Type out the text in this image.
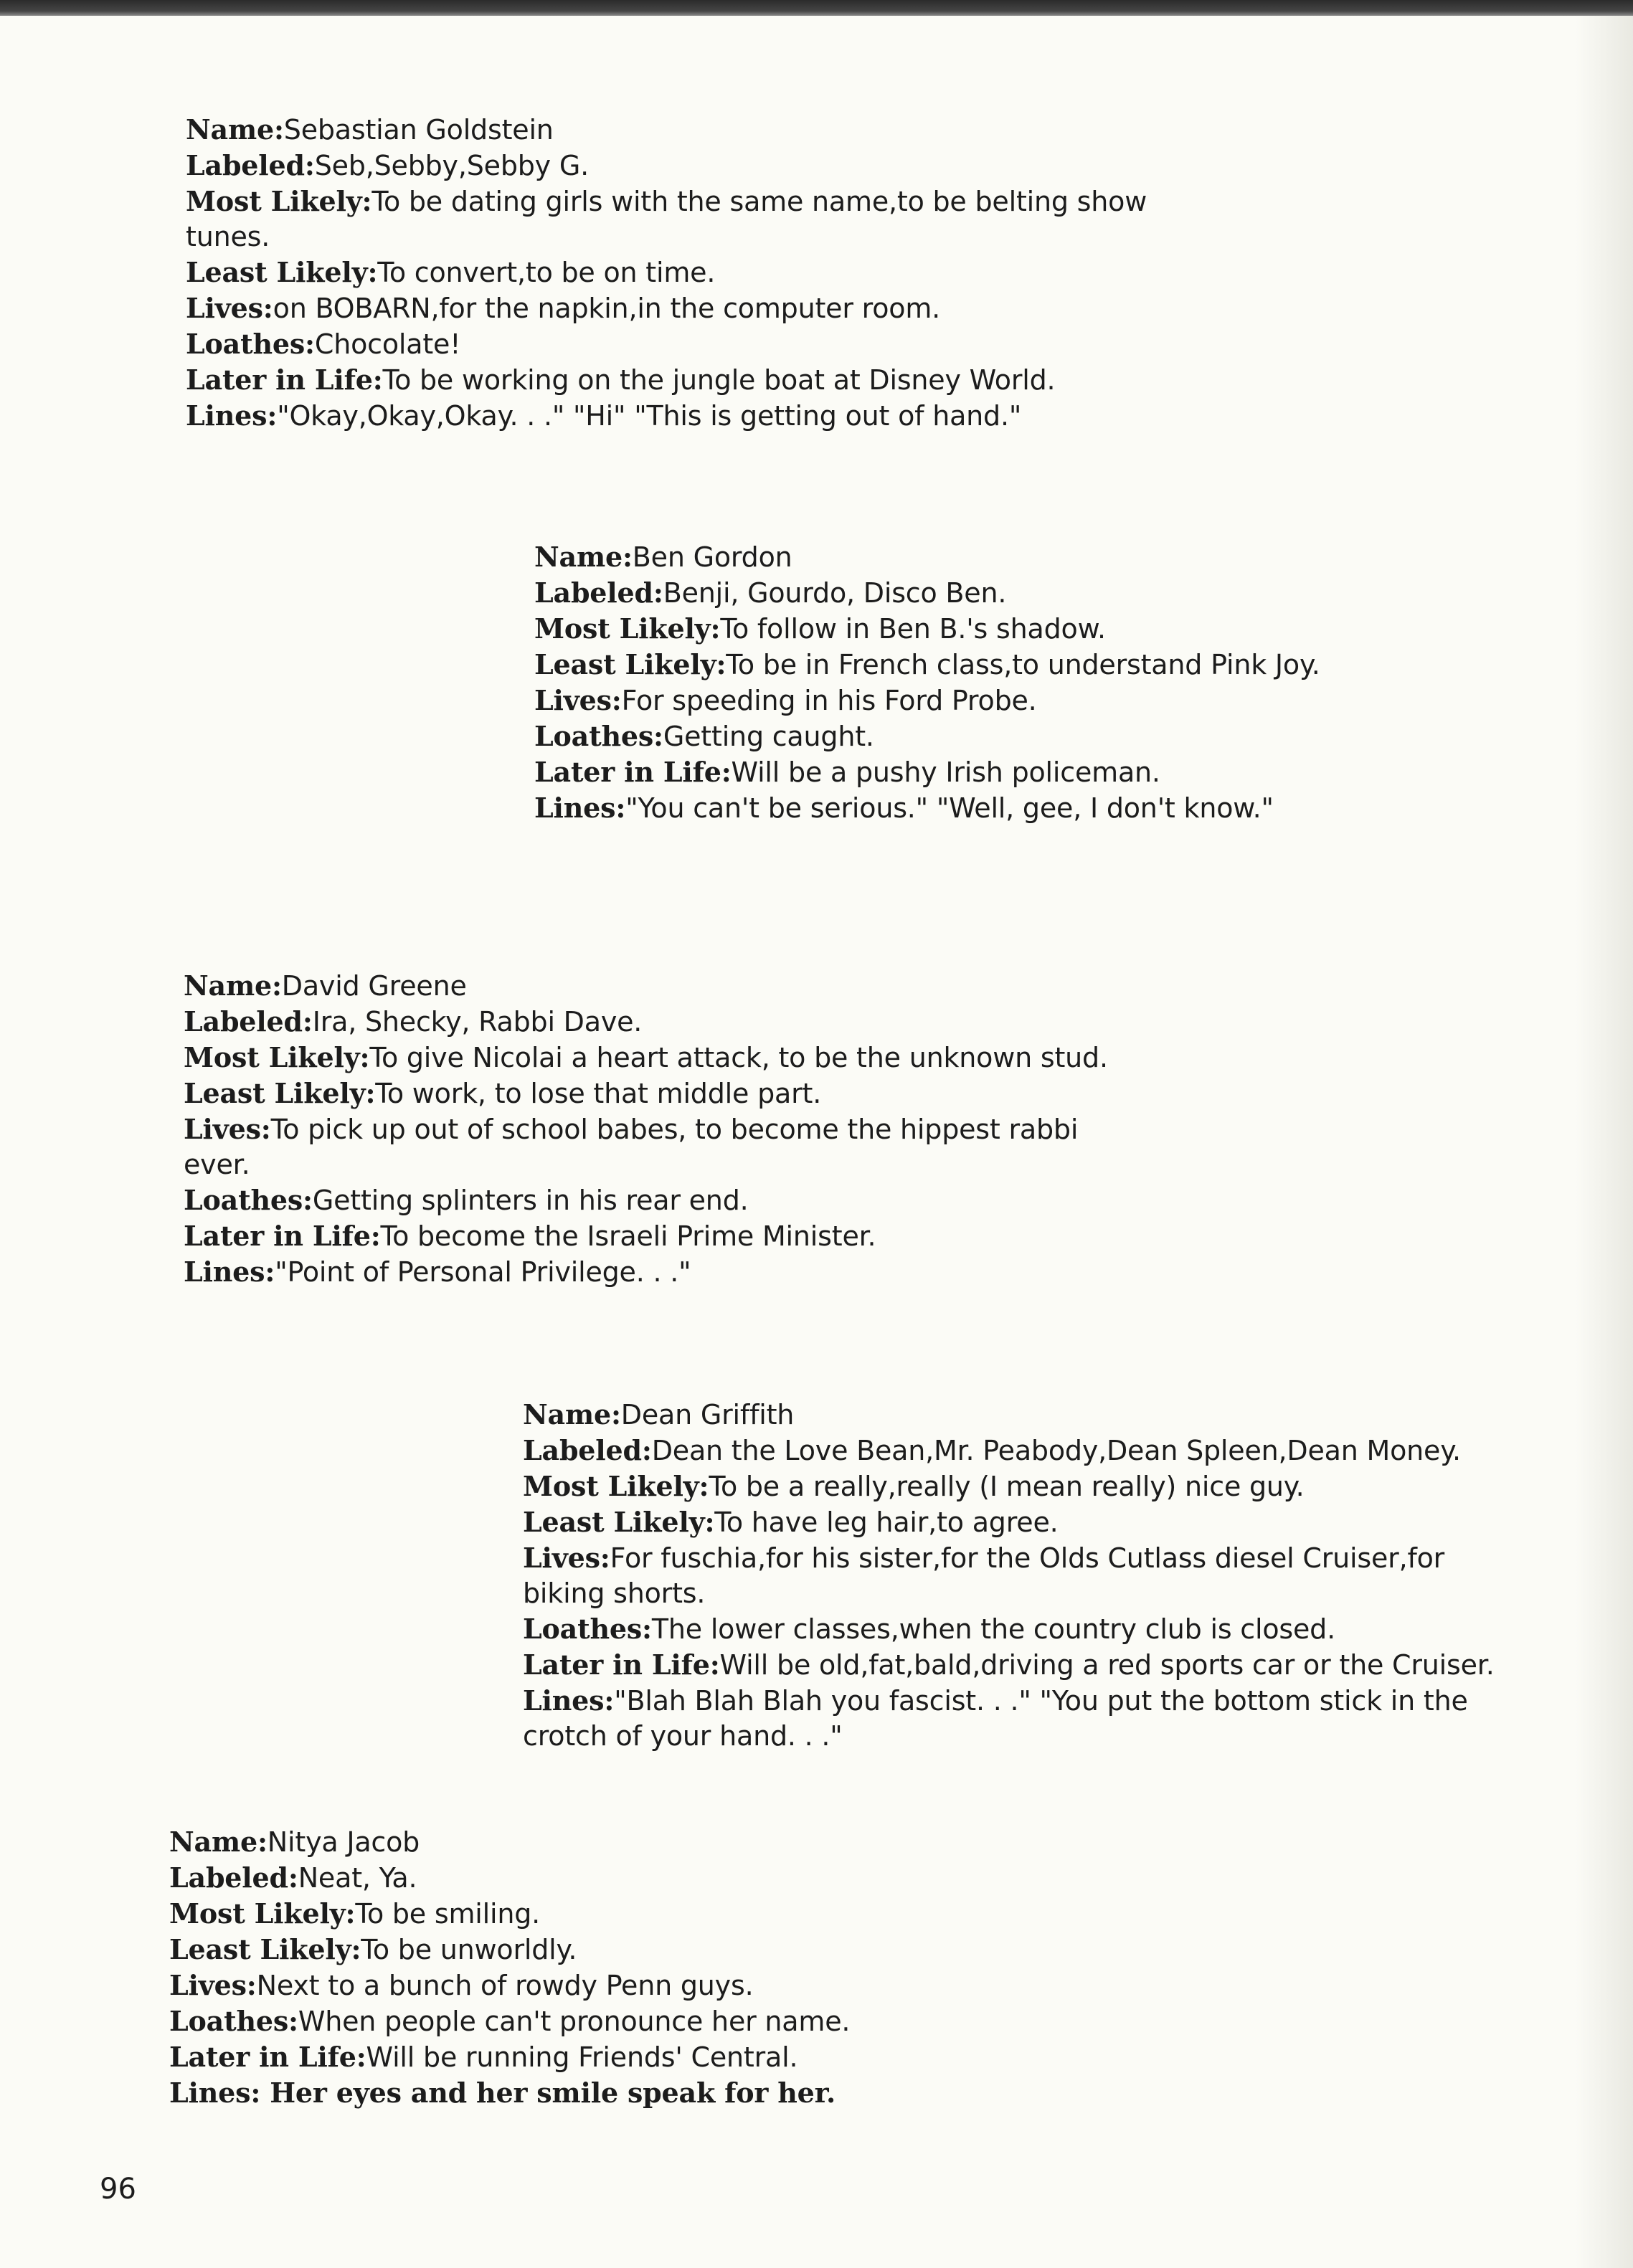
Name:Sebastian Goldstein

Labeled:Seb,Sebby,Sebby G.

Most Likely:To be dating girls with the same name,to be belting show tunes.

Least Likely:To convert,to be on time.

Lives:on BOBARN,for the napkin,in the computer room.

Loathes:Chocolate!

Later in Life:To be working on the jungle boat at Disney World.

Lines:"Okay,Okay,Okay. . ." "Hi" "This is getting out of hand."

Name:Ben Gordon

Labeled:Benji, Gourdo, Disco Ben.

Most Likely:To follow in Ben B.'s shadow.

Least Likely:To be in French class,to understand Pink Joy.

Lives:For speeding in his Ford Probe.

Loathes:Getting caught.

Later in Life:Will be a pushy Irish policeman.

Lines:"You can't be serious." "Well, gee, I don't know."

Name:David Greene

Labeled:Ira, Shecky, Rabbi Dave.

Most Likely:To give Nicolai a heart attack, to be the unknown stud.

Least Likely:To work, to lose that middle part.

Lives:To pick up out of school babes, to become the hippest rabbi ever.

Loathes:Getting splinters in his rear end.

Later in Life:To become the Israeli Prime Minister.

Lines:"Point of Personal Privilege. . ."

Name:Dean Griffith

Labeled:Dean the Love Bean,Mr. Peabody,Dean Spleen,Dean Money.

Most Likely:To be a really,really (I mean really) nice guy.

Least Likely:To have leg hair,to agree.

Lives:For fuschia,for his sister,for the Olds Cutlass diesel Cruiser,for biking shorts.

Loathes:The lower classes,when the country club is closed.

Later in Life:Will be old,fat,bald,driving a red sports car or the Cruiser.

Lines:"Blah Blah Blah you fascist. . ." "You put the bottom stick in the crotch of your hand. . ."

Name:Nitya Jacob

Labeled:Neat, Ya.

Most Likely:To be smiling.

Least Likely:To be unworldly.

Lives:Next to a bunch of rowdy Penn guys.

Loathes:When people can't pronounce her name.

Later in Life:Will be running Friends' Central.

Lines: Her eyes and her smile speak for her.

96
